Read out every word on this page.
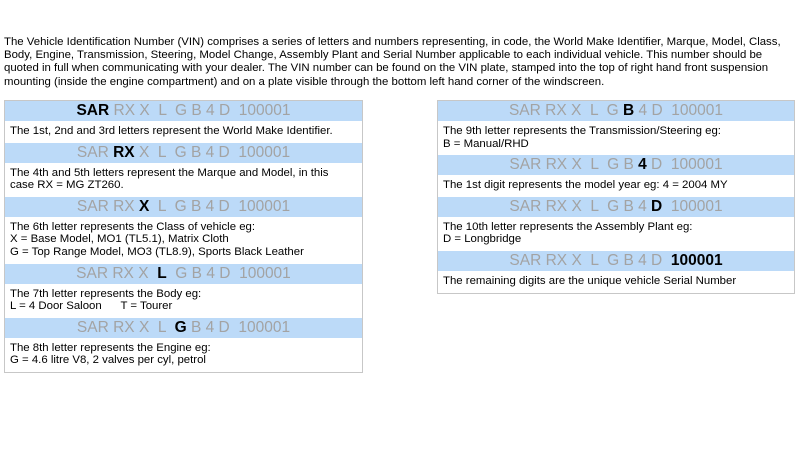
The Vehicle Identification Number (VIN) comprises a series of letters and numbers representing, in code, the World Make Identifier, Marque, Model, Class, Body, Engine, Transmission, Steering, Model Change, Assembly Plant and Serial Number applicable to each individual vehicle. This number should be quoted in full when communicating with your dealer. The VIN number can be found on the VIN plate, stamped into the top of right hand front suspension mounting (inside the engine compartment) and on a plate visible through the bottom left hand corner of the windscreen.
SAR RX X L G B 4 D 100001
The 1st, 2nd and 3rd letters represent the World Make Identifier.
SAR RX X L G B 4 D 100001
The 4th and 5th letters represent the Marque and Model, in this
case RX = MG ZT260.
SAR RX X L G B 4 D 100001
The 6th letter represents the Class of vehicle eg:
X = Base Model, MO1 (TL5.1), Matrix Cloth
G = Top Range Model, MO3 (TL8.9), Sports Black Leather
SAR RX X L G B 4 D 100001
The 7th letter represents the Body eg:
L = 4 Door Saloon      T = Tourer
SAR RX X L G B 4 D 100001
The 8th letter represents the Engine eg:
G = 4.6 litre V8, 2 valves per cyl, petrol
SAR RX X L G B 4 D 100001
The 9th letter represents the Transmission/Steering eg:
B = Manual/RHD
SAR RX X L G B 4 D 100001
The 1st digit represents the model year eg: 4 = 2004 MY
SAR RX X L G B 4 D 100001
The 10th letter represents the Assembly Plant eg:
D = Longbridge
SAR RX X L G B 4 D 100001
The remaining digits are the unique vehicle Serial Number
